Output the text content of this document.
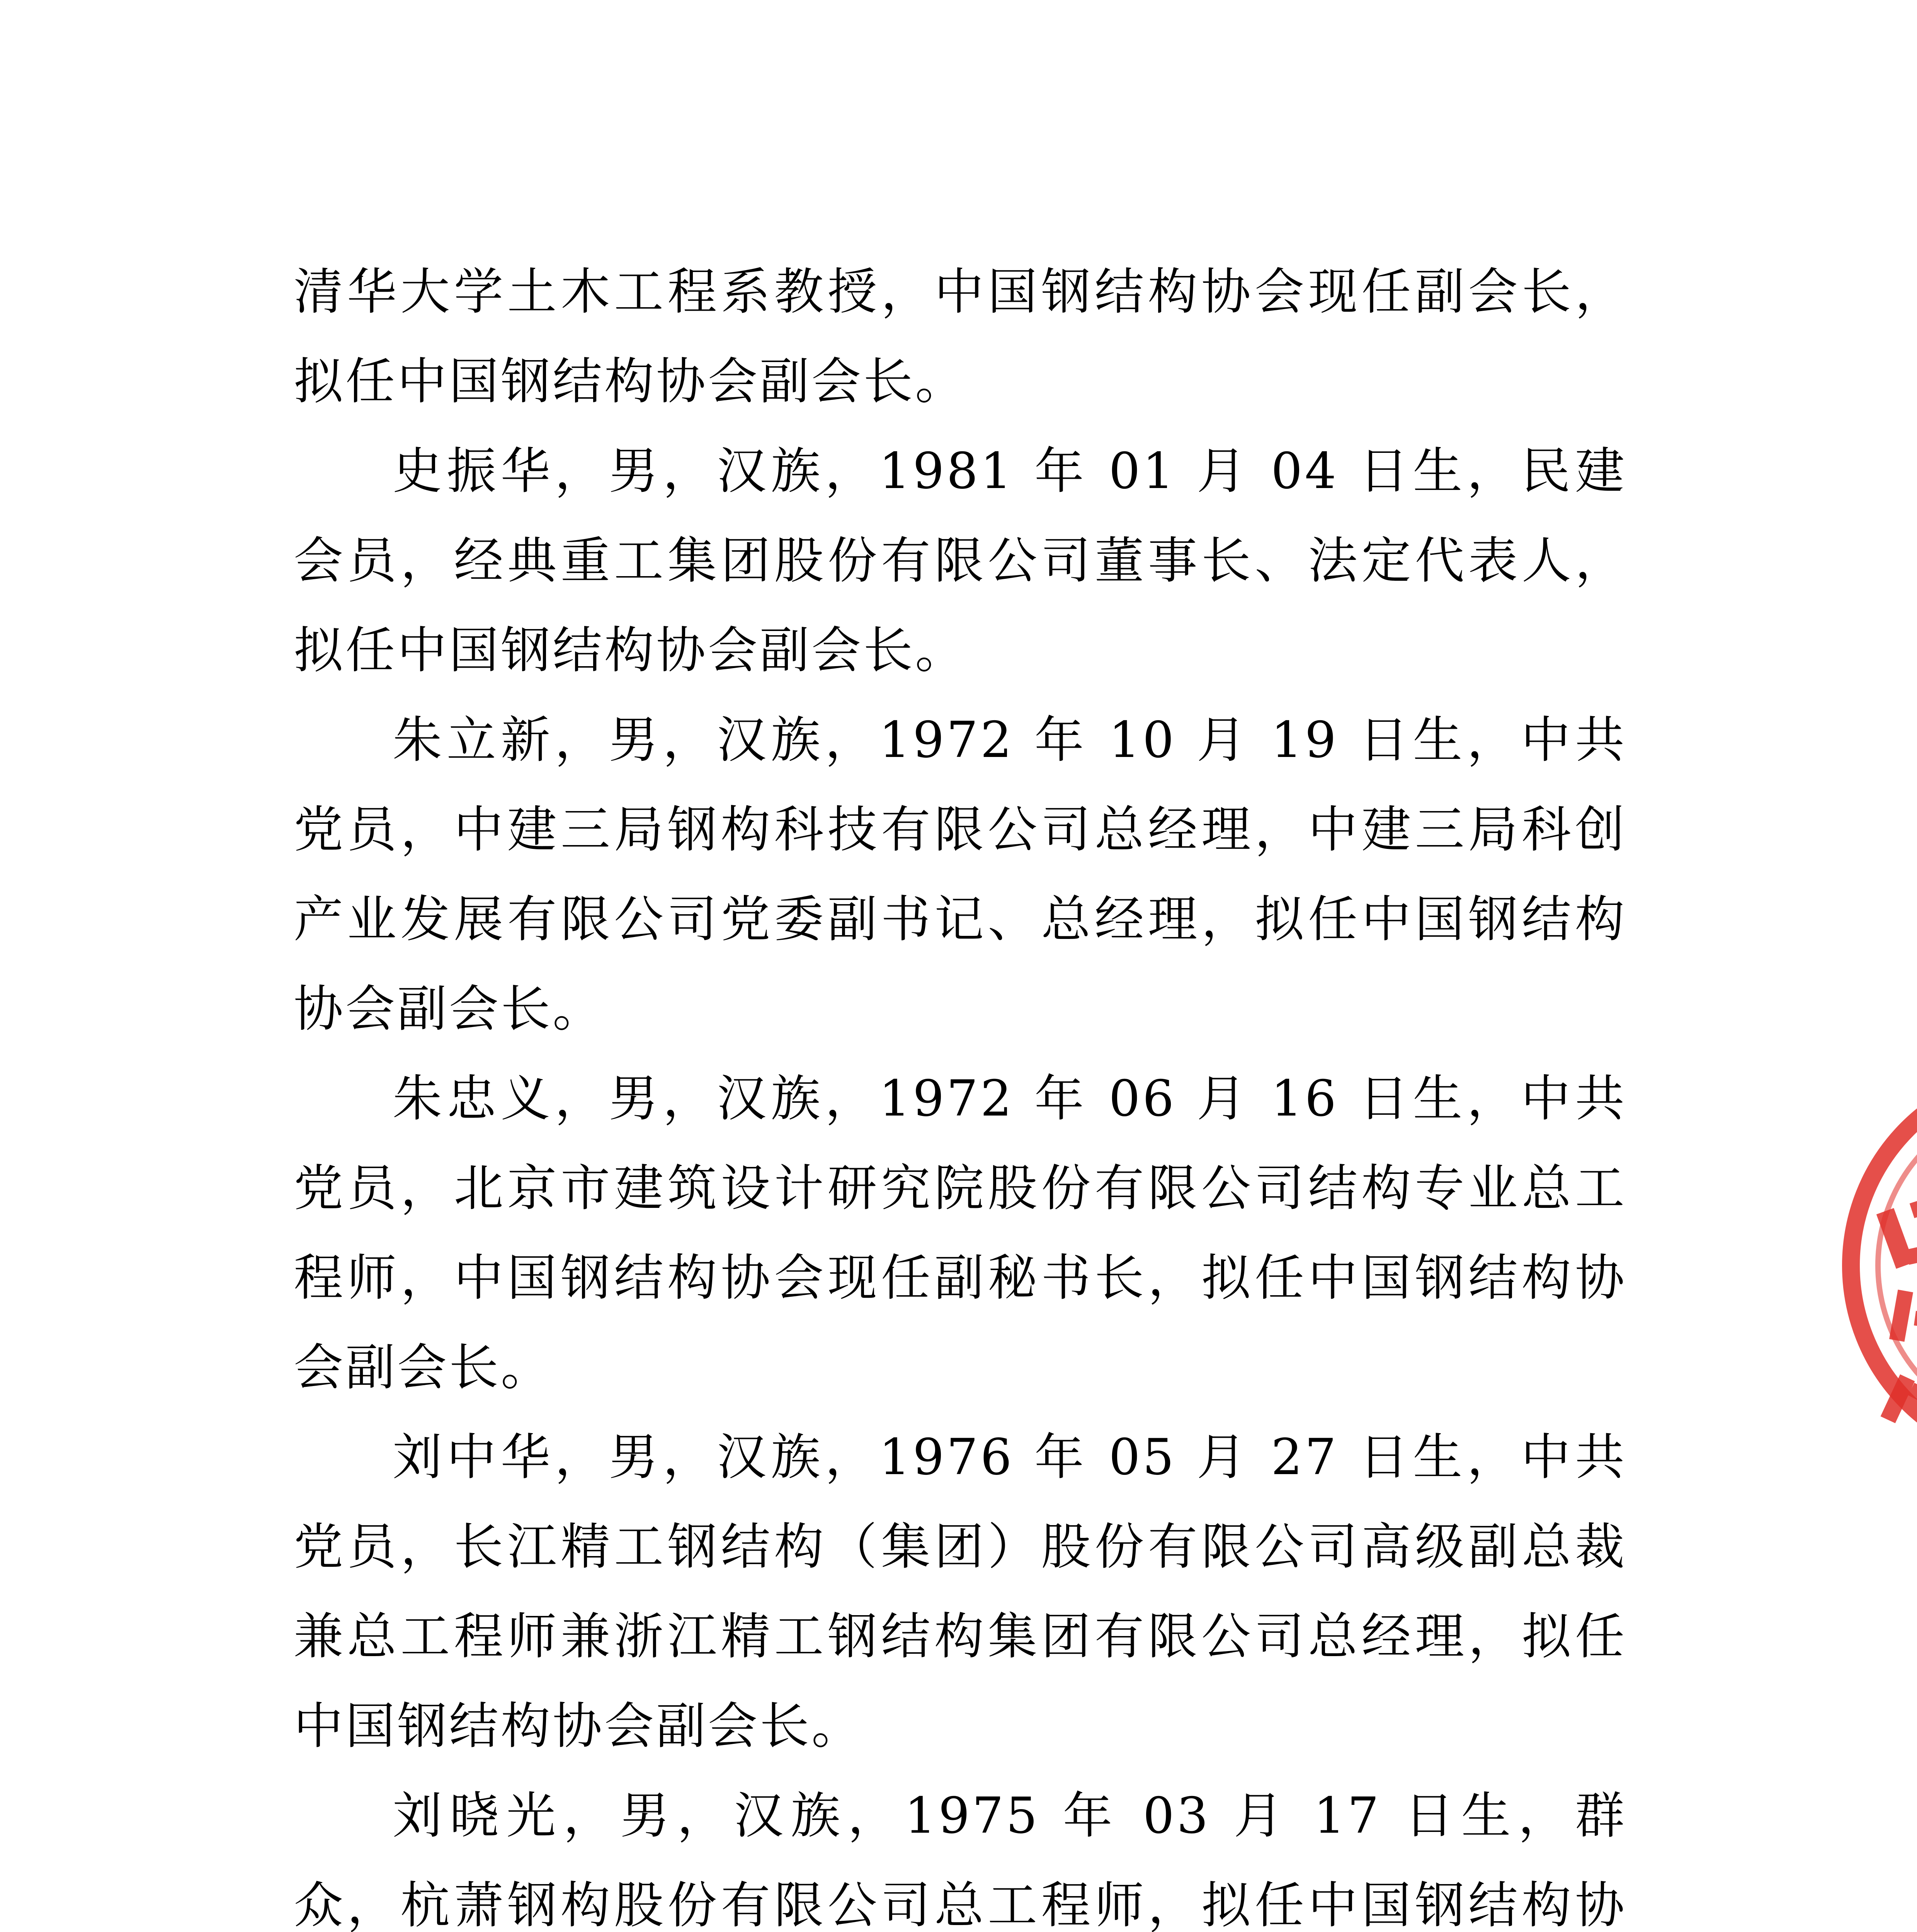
清华大学土木工程系教授，中国钢结构协会现任副会长，拟任中国钢结构协会副会长。

史振华，男，汉族，1981 年 01 月 04 日生，民建会员，经典重工集团股份有限公司董事长、法定代表人，拟任中国钢结构协会副会长。

朱立新，男，汉族，1972 年 10 月 19 日生，中共党员，中建三局钢构科技有限公司总经理，中建三局科创产业发展有限公司党委副书记、总经理，拟任中国钢结构协会副会长。

朱忠义，男，汉族，1972 年 06 月 16 日生，中共党员，北京市建筑设计研究院股份有限公司结构专业总工程师，中国钢结构协会现任副秘书长，拟任中国钢结构协会副会长。

刘中华，男，汉族，1976 年 05 月 27 日生，中共党员，长江精工钢结构（集团）股份有限公司高级副总裁兼总工程师兼浙江精工钢结构集团有限公司总经理，拟任中国钢结构协会副会长。

刘晓光，男，汉族，1975 年 03 月 17 日生，群众，杭萧钢构股份有限公司总工程师，拟任中国钢结构协
